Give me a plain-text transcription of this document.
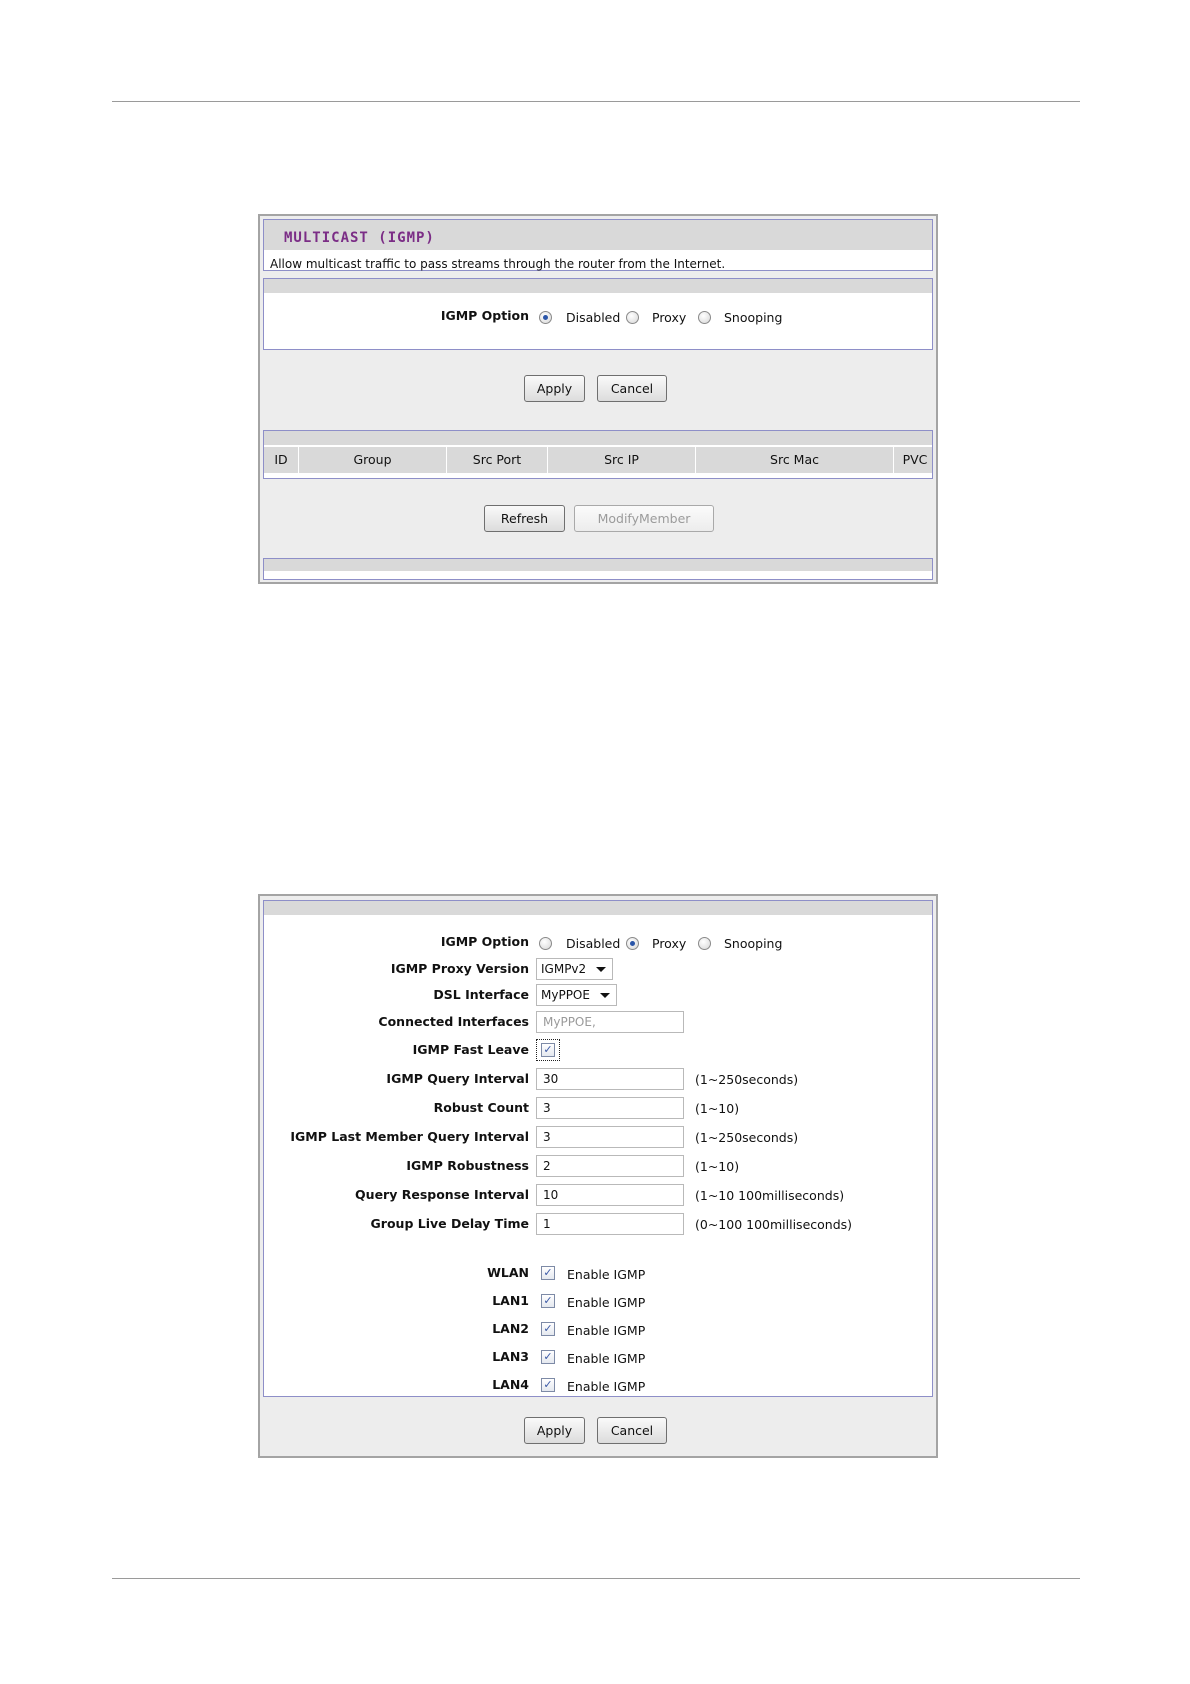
MULTICAST (IGMP)
Allow multicast traffic to pass streams through the router from the Internet.
IGMP Option	Disabled	Proxy	Snooping
Apply	Cancel
ID	Group	Src Port	Src IP	Src Mac	PVC
Refresh	ModifyMember
IGMP Option	Disabled	Proxy	Snooping
IGMP Proxy Version	IGMPv2
DSL Interface	MyPPOE
Connected Interfaces	MyPPOE,
IGMP Fast Leave ✓
IGMP Query Interval	30	(1~250seconds)
Robust Count	3	(1~10)
IGMP Last Member Query Interval	3	(1~250seconds)
IGMP Robustness	2	(1~10)
Query Response Interval	10	(1~10 100milliseconds)
Group Live Delay Time	1	(0~100 100milliseconds)
WLAN ✓ Enable IGMP
LAN1 ✓ Enable IGMP
LAN2 ✓ Enable IGMP
LAN3 ✓ Enable IGMP
LAN4 ✓ Enable IGMP
Apply	Cancel
